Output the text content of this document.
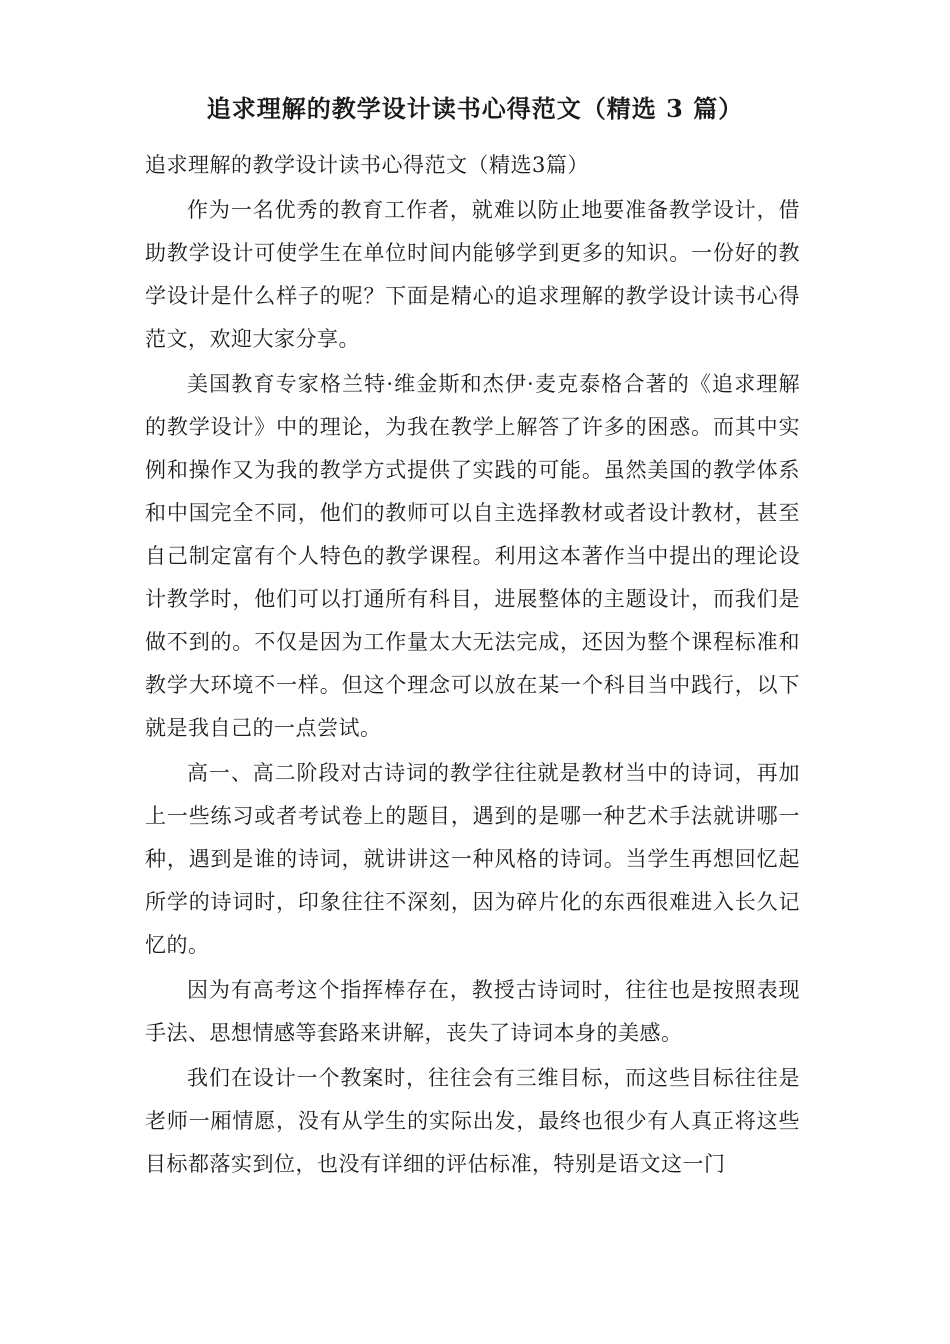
追求理解的教学设计读书心得范文（精选 3 篇）

追求理解的教学设计读书心得范文（精选3篇）

作为一名优秀的教育工作者，就难以防止地要准备教学设计，借助教学设计可使学生在单位时间内能够学到更多的知识。一份好的教学设计是什么样子的呢？下面是精心的追求理解的教学设计读书心得范文，欢迎大家分享。

美国教育专家格兰特·维金斯和杰伊·麦克泰格合著的《追求理解的教学设计》中的理论，为我在教学上解答了许多的困惑。而其中实例和操作又为我的教学方式提供了实践的可能。虽然美国的教学体系和中国完全不同，他们的教师可以自主选择教材或者设计教材，甚至自己制定富有个人特色的教学课程。利用这本著作当中提出的理论设计教学时，他们可以打通所有科目，进展整体的主题设计，而我们是做不到的。不仅是因为工作量太大无法完成，还因为整个课程标准和教学大环境不一样。但这个理念可以放在某一个科目当中践行，以下就是我自己的一点尝试。

高一、高二阶段对古诗词的教学往往就是教材当中的诗词，再加上一些练习或者考试卷上的题目，遇到的是哪一种艺术手法就讲哪一种，遇到是谁的诗词，就讲讲这一种风格的诗词。当学生再想回忆起所学的诗词时，印象往往不深刻，因为碎片化的东西很难进入长久记忆的。

因为有高考这个指挥棒存在，教授古诗词时，往往也是按照表现手法、思想情感等套路来讲解，丧失了诗词本身的美感。

我们在设计一个教案时，往往会有三维目标，而这些目标往往是老师一厢情愿，没有从学生的实际出发，最终也很少有人真正将这些目标都落实到位，也没有详细的评估标准，特别是语文这一门
